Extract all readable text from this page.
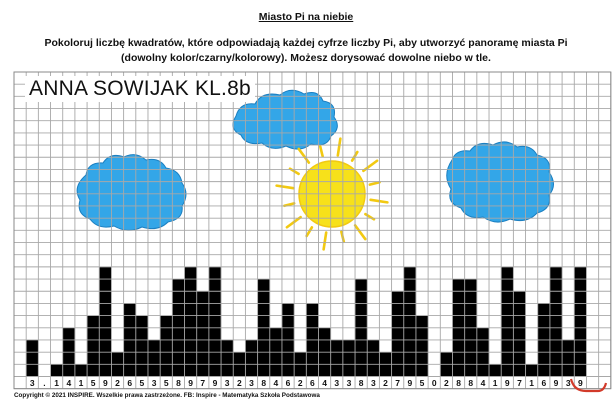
3 . 1 4 1 5 9 2 6 5 3 5 8 9 7 9 3 2 3 8 4 6 2 6 4 3 3 8 3 2 7 9 5 0 2 8 8 4 1 9 7 1 6 9 3 9
Miasto Pi na niebie
Pokoloruj liczbę kwadratów, które odpowiadają każdej cyfrze liczby Pi, aby utworzyć panoramę miasta Pi
(dowolny kolor/czarny/kolorowy). Możesz dorysować dowolne niebo w tle.
ANNA SOWIJAK KL.8b
Copyright © 2021 INSPIRE. Wszelkie prawa zastrzeżone. FB: Inspire - Matematyka Szkoła Podstawowa
